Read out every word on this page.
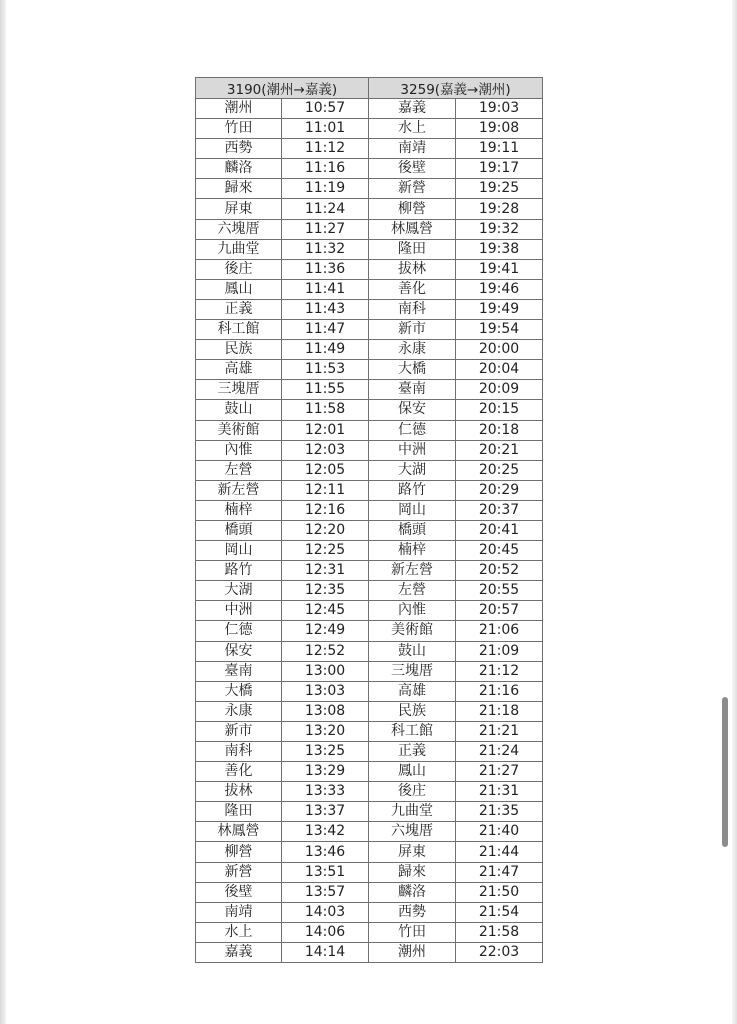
3190(潮州→嘉義)		3259(嘉義→潮州)	
潮州	10:57	嘉義	19:03
竹田	11:01	水上	19:08
西勢	11:12	南靖	19:11
麟洛	11:16	後壁	19:17
歸來	11:19	新營	19:25
屏東	11:24	柳營	19:28
六塊厝	11:27	林鳳營	19:32
九曲堂	11:32	隆田	19:38
後庄	11:36	拔林	19:41
鳳山	11:41	善化	19:46
正義	11:43	南科	19:49
科工館	11:47	新市	19:54
民族	11:49	永康	20:00
高雄	11:53	大橋	20:04
三塊厝	11:55	臺南	20:09
鼓山	11:58	保安	20:15
美術館	12:01	仁德	20:18
內惟	12:03	中洲	20:21
左營	12:05	大湖	20:25
新左營	12:11	路竹	20:29
楠梓	12:16	岡山	20:37
橋頭	12:20	橋頭	20:41
岡山	12:25	楠梓	20:45
路竹	12:31	新左營	20:52
大湖	12:35	左營	20:55
中洲	12:45	內惟	20:57
仁德	12:49	美術館	21:06
保安	12:52	鼓山	21:09
臺南	13:00	三塊厝	21:12
大橋	13:03	高雄	21:16
永康	13:08	民族	21:18
新市	13:20	科工館	21:21
南科	13:25	正義	21:24
善化	13:29	鳳山	21:27
拔林	13:33	後庄	21:31
隆田	13:37	九曲堂	21:35
林鳳營	13:42	六塊厝	21:40
柳營	13:46	屏東	21:44
新營	13:51	歸來	21:47
後壁	13:57	麟洛	21:50
南靖	14:03	西勢	21:54
水上	14:06	竹田	21:58
嘉義	14:14	潮州	22:03
